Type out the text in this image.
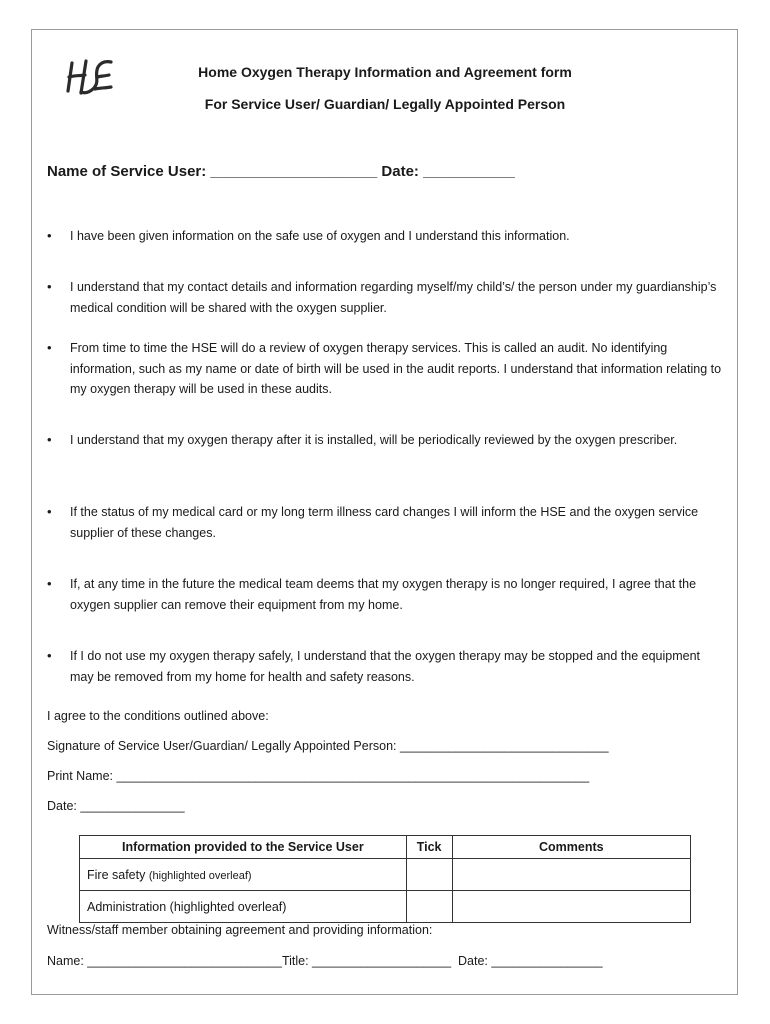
Home Oxygen Therapy Information and Agreement form
For Service User/ Guardian/ Legally Appointed Person
Name of Service User: ____________________ Date: ___________
•	I have been given information on the safe use of oxygen and I understand this information.
•	I understand that my contact details and information regarding myself/my child’s/ the person under my guardianship’s medical condition will be shared with the oxygen supplier.
•	From time to time the HSE will do a review of oxygen therapy services. This is called an audit. No identifying information, such as my name or date of birth will be used in the audit reports. I understand that information relating to my oxygen therapy will be used in these audits.
•	I understand that my oxygen therapy after it is installed, will be periodically reviewed by the oxygen prescriber.
•	If the status of my medical card or my long term illness card changes I will inform the HSE and the oxygen service supplier of these changes.
•	If, at any time in the future the medical team deems that my oxygen therapy is no longer required, I agree that the oxygen supplier can remove their equipment from my home.
•	If I do not use my oxygen therapy safely, I understand that the oxygen therapy may be stopped and the equipment may be removed from my home for health and safety reasons.
I agree to the conditions outlined above:
Signature of Service User/Guardian/ Legally Appointed Person: ______________________________
Print Name: ____________________________________________________________________
Date: _______________
Information provided to the Service User	Tick	Comments
Fire safety (highlighted overleaf)		
Administration (highlighted overleaf)		
Witness/staff member obtaining agreement and providing information:
Name: ____________________________Title: ____________________  Date: ________________
